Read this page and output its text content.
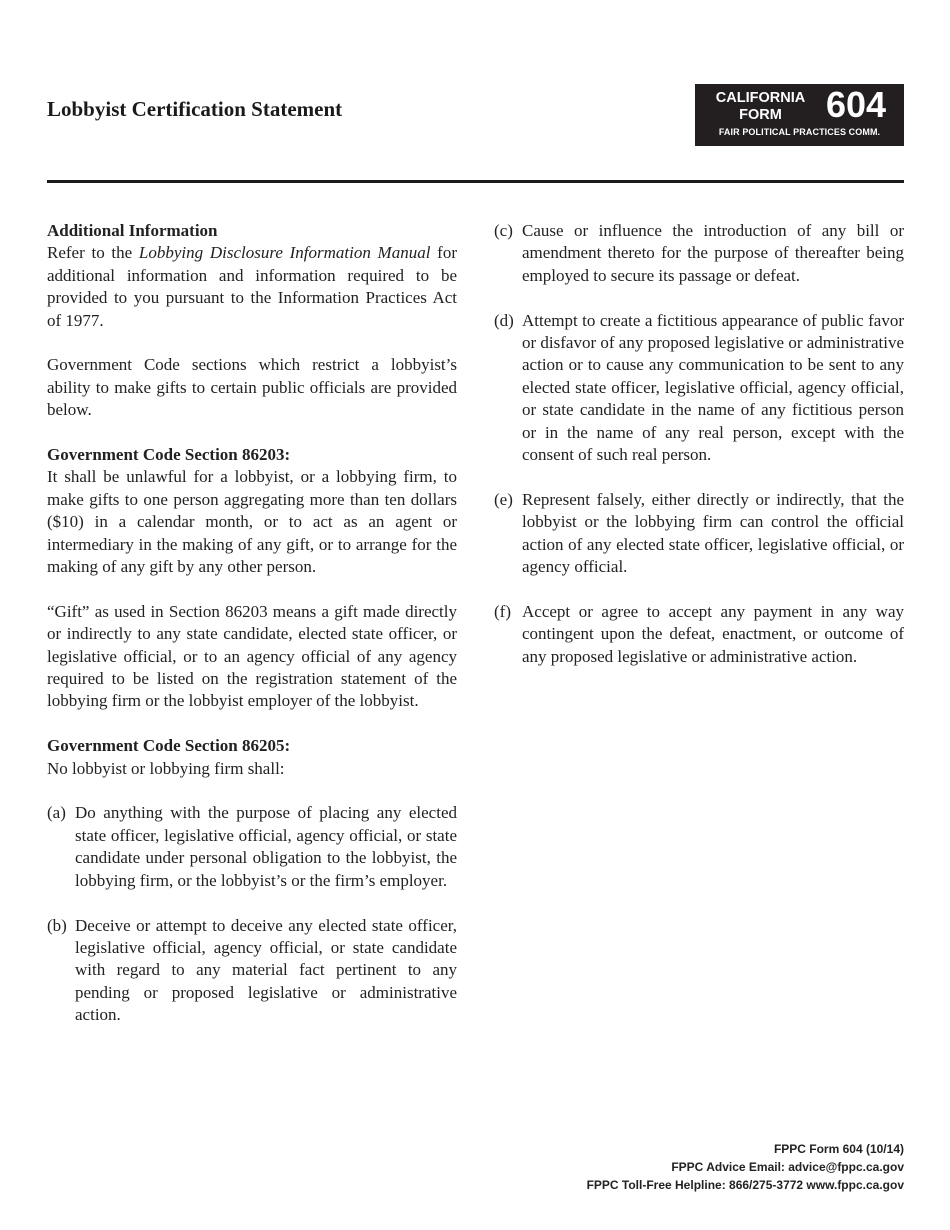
Lobbyist Certification Statement	CALIFORNIA
FORM	604
FAIR POLITICAL PRACTICES COMM.

Additional Information

Refer to the Lobbying Disclosure Information Manual for additional information and information required to be provided to you pursuant to the Information Practices Act of 1977.

Government Code sections which restrict a lobbyist’s ability to make gifts to certain public officials are provided below.

Government Code Section 86203:

It shall be unlawful for a lobbyist, or a lobbying firm, to make gifts to one person aggregating more than ten dollars ($10) in a calendar month, or to act as an agent or intermediary in the making of any gift, or to arrange for the making of any gift by any other person.

“Gift” as used in Section 86203 means a gift made directly or indirectly to any state candidate, elected state officer, or legislative official, or to an agency official of any agency required to be listed on the registration statement of the lobbying firm or the lobbyist employer of the lobbyist.

Government Code Section 86205:

No lobbyist or lobbying firm shall:

(a) Do anything with the purpose of placing any elected state officer, legislative official, agency official, or state candidate under personal obligation to the lobbyist, the lobbying firm, or the lobbyist’s or the firm’s employer.
(b) Deceive or attempt to deceive any elected state officer, legislative official, agency official, or state candidate with regard to any material fact pertinent to any pending or proposed legislative or administrative action.
(c) Cause or influence the introduction of any bill or amendment thereto for the purpose of thereafter being employed to secure its passage or defeat.
(d) Attempt to create a fictitious appearance of public favor or disfavor of any proposed legislative or administrative action or to cause any communication to be sent to any elected state officer, legislative official, agency official, or state candidate in the name of any fictitious person or in the name of any real person, except with the consent of such real person.
(e) Represent falsely, either directly or indirectly, that the lobbyist or the lobbying firm can control the official action of any elected state officer, legislative official, or agency official.
(f) Accept or agree to accept any payment in any way contingent upon the defeat, enactment, or outcome of any proposed legislative or administrative action.
FPPC Form 604 (10/14)
FPPC Advice Email: advice@fppc.ca.gov
FPPC Toll-Free Helpline: 866/275-3772 www.fppc.ca.gov
